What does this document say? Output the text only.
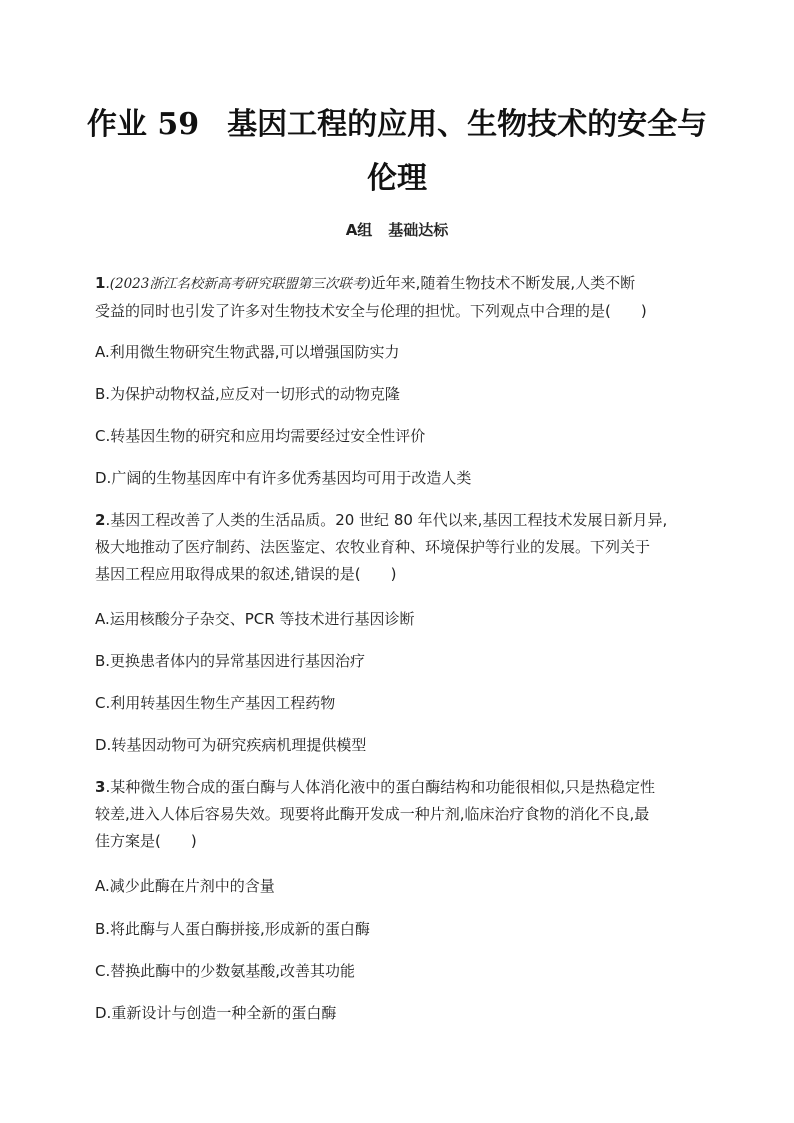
作业 59 基因工程的应用、生物技术的安全与
伦理
A组 基础达标
1.(2023浙江名校新高考研究联盟第三次联考)近年来,随着生物技术不断发展,人类不断
受益的同时也引发了许多对生物技术安全与伦理的担忧。下列观点中合理的是(　　)
A.利用微生物研究生物武器,可以增强国防实力
B.为保护动物权益,应反对一切形式的动物克隆
C.转基因生物的研究和应用均需要经过安全性评价
D.广阔的生物基因库中有许多优秀基因均可用于改造人类
2.基因工程改善了人类的生活品质。20 世纪 80 年代以来,基因工程技术发展日新月异,
极大地推动了医疗制药、法医鉴定、农牧业育种、环境保护等行业的发展。下列关于
基因工程应用取得成果的叙述,错误的是(　　)
A.运用核酸分子杂交、PCR 等技术进行基因诊断
B.更换患者体内的异常基因进行基因治疗
C.利用转基因生物生产基因工程药物
D.转基因动物可为研究疾病机理提供模型
3.某种微生物合成的蛋白酶与人体消化液中的蛋白酶结构和功能很相似,只是热稳定性
较差,进入人体后容易失效。现要将此酶开发成一种片剂,临床治疗食物的消化不良,最
佳方案是(　　)
A.减少此酶在片剂中的含量
B.将此酶与人蛋白酶拼接,形成新的蛋白酶
C.替换此酶中的少数氨基酸,改善其功能
D.重新设计与创造一种全新的蛋白酶
